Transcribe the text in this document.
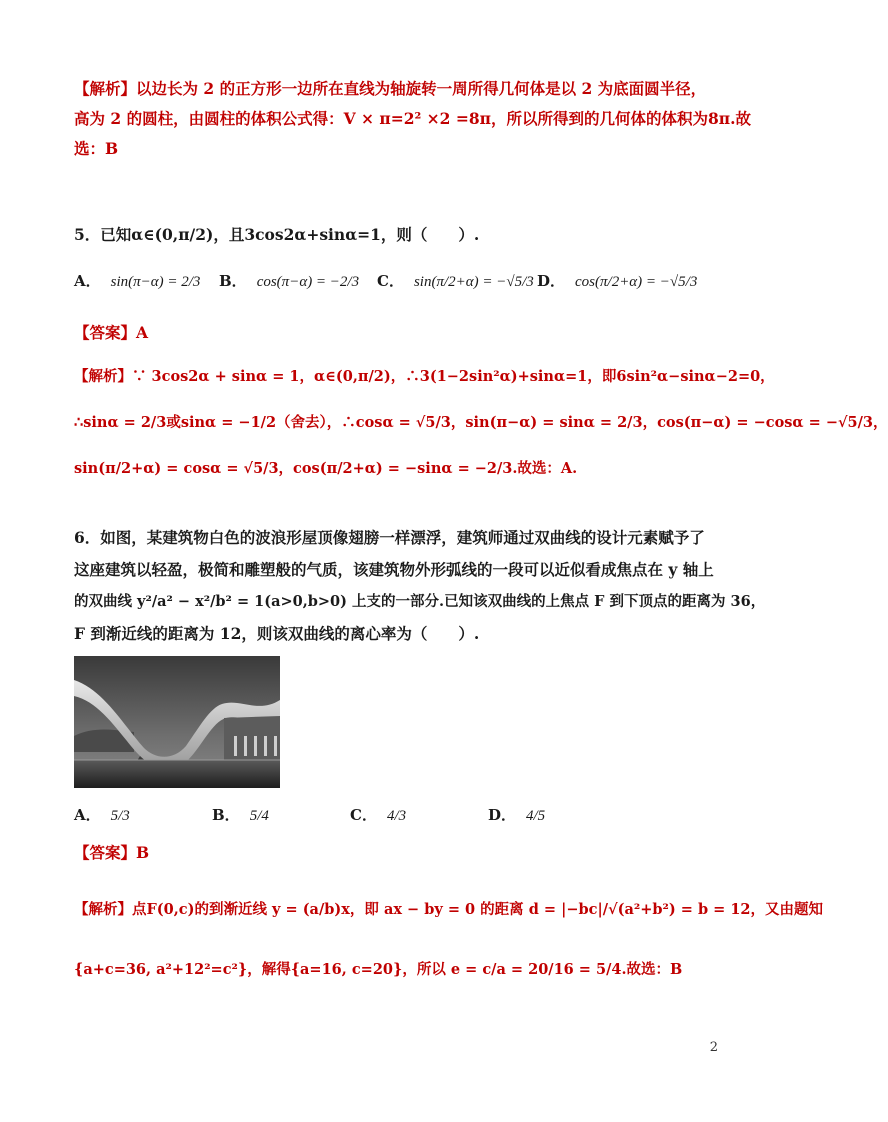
【解析】以边长为 2 的正方形一边所在直线为轴旋转一周所得几何体是以 2 为底面圆半径，
高为 2 的圆柱，由圆柱的体积公式得：V × π=2² ×2 =8π，所以所得到的几何体的体积为8π.故
选：B
5．已知α∈(0,π/2)，且3cos2α+sinα=1，则（　　）.
A． sin(π−α) = 2/3 B． cos(π−α) = −2/3 C． sin(π/2+α) = −√5/3 D． cos(π/2+α) = −√5/3
【答案】A
【解析】∵ 3cos2α + sinα = 1，α∈(0,π/2)，∴3(1−2sin²α)+sinα=1，即6sin²α−sinα−2=0，
∴sinα = 2/3或sinα = −1/2（舍去），∴cosα = √5/3，sin(π−α) = sinα = 2/3，cos(π−α) = −cosα = −√5/3，
sin(π/2+α) = cosα = √5/3，cos(π/2+α) = −sinα = −2/3.故选：A.
6．如图，某建筑物白色的波浪形屋顶像翅膀一样漂浮，建筑师通过双曲线的设计元素赋予了
这座建筑以轻盈，极简和雕塑般的气质，该建筑物外形弧线的一段可以近似看成焦点在 y 轴上
的双曲线 y²/a² − x²/b² = 1(a>0,b>0) 上支的一部分.已知该双曲线的上焦点 F 到下顶点的距离为 36，
F 到渐近线的距离为 12，则该双曲线的离心率为（　　）.
A． 5/3	B． 5/4	C． 4/3	D． 4/5
【答案】B
【解析】点F(0,c)的到渐近线 y = (a/b)x，即 ax − by = 0 的距离 d = |−bc|/√(a²+b²) = b = 12，又由题知
{a+c=36, a²+12²=c²}，解得{a=16, c=20}，所以 e = c/a = 20/16 = 5/4.故选：B
2
